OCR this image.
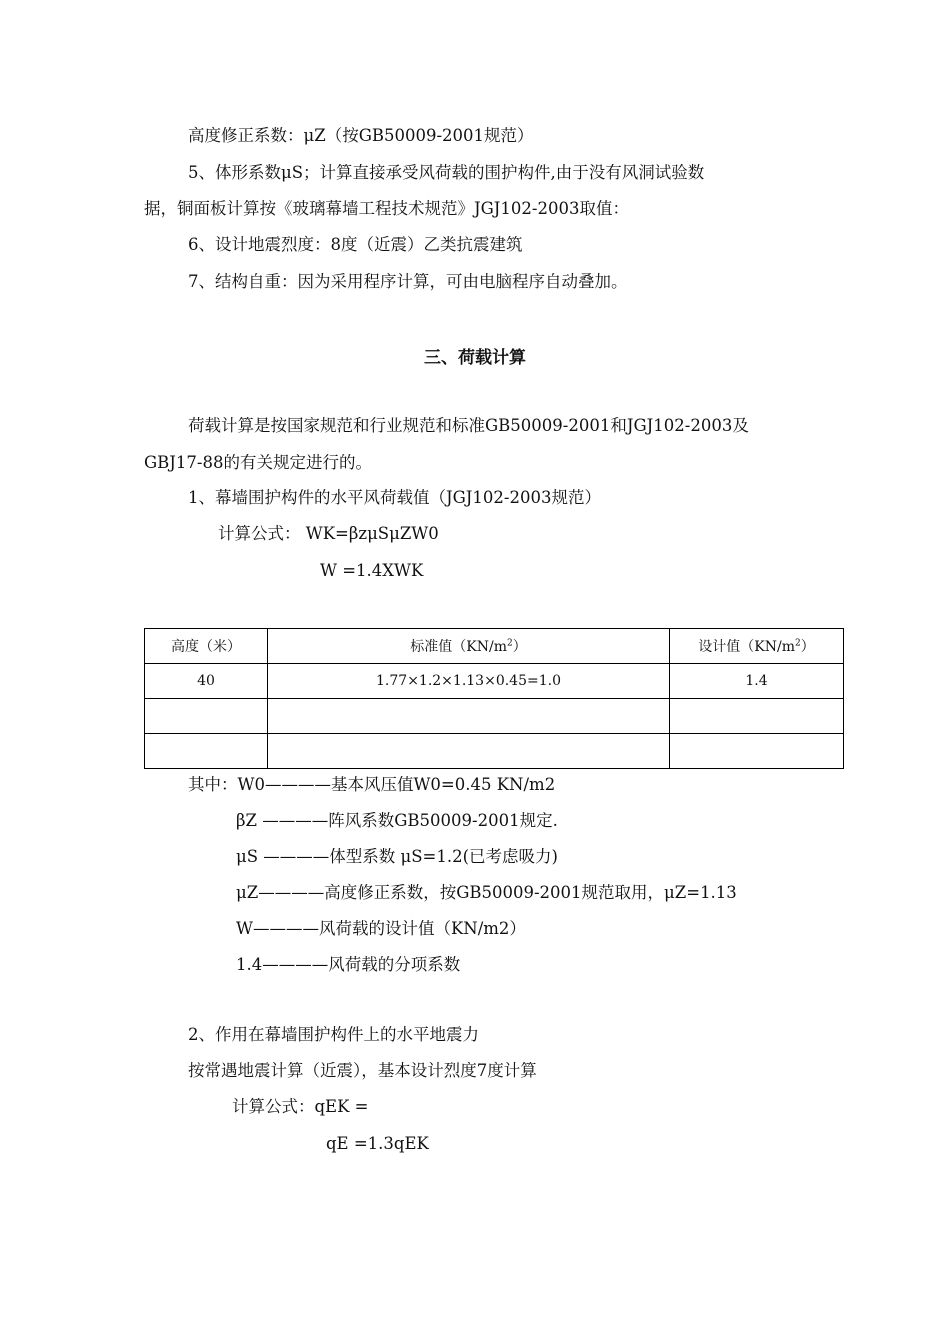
高度修正系数：μZ（按GB50009-2001规范）
5、体形系数μS；计算直接承受风荷载的围护构件,由于没有风洞试验数
据，铜面板计算按《玻璃幕墙工程技术规范》JGJ102-2003取值：
6、设计地震烈度：8度（近震）乙类抗震建筑
7、结构自重：因为采用程序计算，可由电脑程序自动叠加。
三、荷载计算
荷载计算是按国家规范和行业规范和标准GB50009-2001和JGJ102-2003及
GBJ17-88的有关规定进行的。
1、幕墙围护构件的水平风荷载值（JGJ102-2003规范）
计算公式： WK=βzμSμZW0
W =1.4XWK
高度（米）	标准值$(KN/m^2)$	设计值$(KN/m^2)$
40	1.77×1.2×1.13×0.45=1.0	1.4

其中：W0————基本风压值W0=0.45 KN/m2
βZ ————阵风系数GB50009-2001规定.
μS ————体型系数 μS=1.2(已考虑吸力)
μZ————高度修正系数，按GB50009-2001规范取用，μZ=1.13
W————风荷载的设计值（KN/m2）
1.4————风荷载的分项系数
2、作用在幕墙围护构件上的水平地震力
按常遇地震计算（近震），基本设计烈度7度计算
计算公式：qEK =
qE =1.3qEK
